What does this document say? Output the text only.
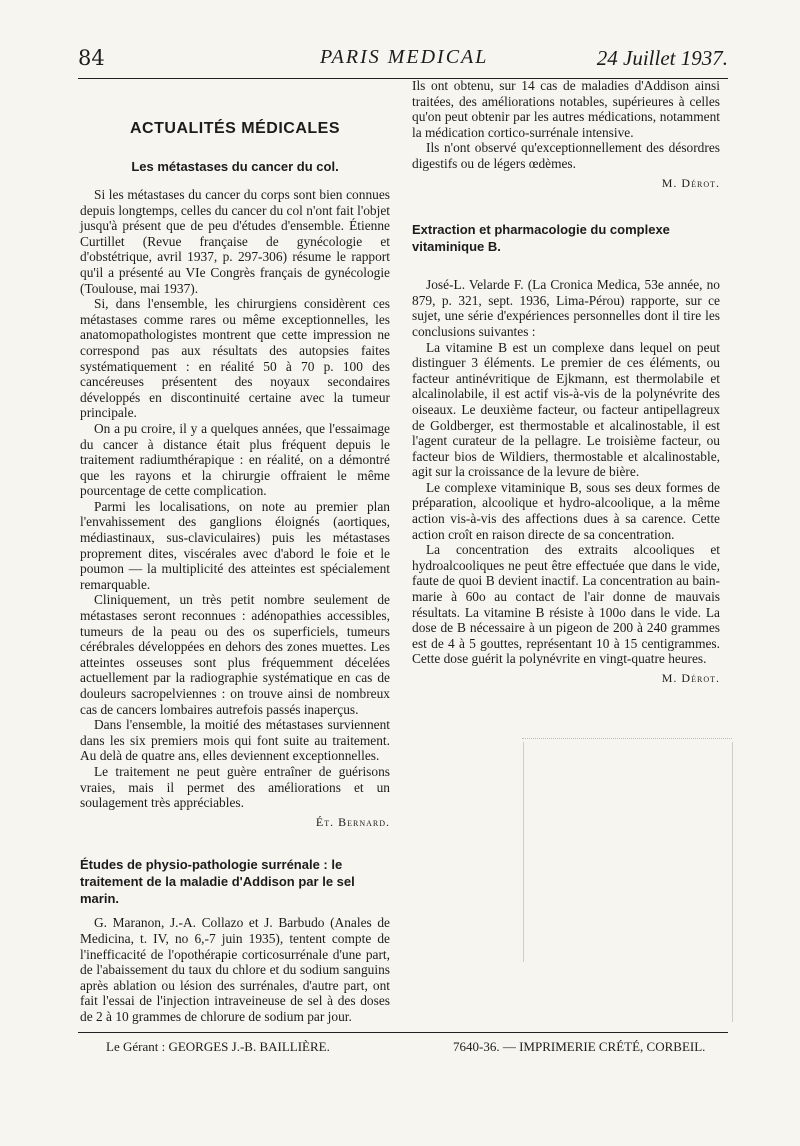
84	PARIS MEDICAL	24 Juillet 1937.
ACTUALITÉS MÉDICALES
Les métastases du cancer du col.

Si les métastases du cancer du corps sont bien connues depuis longtemps, celles du cancer du col n'ont fait l'objet jusqu'à présent que de peu d'études d'ensemble. Étienne Curtillet (Revue française de gynécologie et d'obstétrique, avril 1937, p. 297-306) résume le rapport qu'il a présenté au VIe Congrès français de gynécologie (Toulouse, mai 1937).

Si, dans l'ensemble, les chirurgiens considèrent ces métastases comme rares ou même exceptionnelles, les anatomopathologistes montrent que cette impression ne correspond pas aux résultats des autopsies faites systématiquement : en réalité 50 à 70 p. 100 des cancéreuses présentent des noyaux secondaires développés en discontinuité certaine avec la tumeur principale.

On a pu croire, il y a quelques années, que l'essaimage du cancer à distance était plus fréquent depuis le traitement radiumthérapique : en réalité, on a démontré que les rayons et la chirurgie offraient le même pourcentage de cette complication.

Parmi les localisations, on note au premier plan l'envahissement des ganglions éloignés (aortiques, médiastinaux, sus-claviculaires) puis les métastases proprement dites, viscérales avec d'abord le foie et le poumon — la multiplicité des atteintes est spécialement remarquable.

Cliniquement, un très petit nombre seulement de métastases seront reconnues : adénopathies accessibles, tumeurs de la peau ou des os superficiels, tumeurs cérébrales développées en dehors des zones muettes. Les atteintes osseuses sont plus fréquemment décelées actuellement par la radiographie systématique en cas de douleurs sacropelviennes : on trouve ainsi de nombreux cas de cancers lombaires autrefois passés inaperçus.

Dans l'ensemble, la moitié des métastases surviennent dans les six premiers mois qui font suite au traitement. Au delà de quatre ans, elles deviennent exceptionnelles.

Le traitement ne peut guère entraîner de guérisons vraies, mais il permet des améliorations et un soulagement très appréciables.

Ét. Bernard.

Études de physio-pathologie surrénale : le traitement de la maladie d'Addison par le sel marin.

G. Maranon, J.-A. Collazo et J. Barbudo (Anales de Medicina, t. IV, no 6,-7 juin 1935), tentent compte de l'inefficacité de l'opothérapie corticosurrénale d'une part, de l'abaissement du taux du chlore et du sodium sanguins après ablation ou lésion des surrénales, d'autre part, ont fait l'essai de l'injection intraveineuse de sel à des doses de 2 à 10 grammes de chlorure de sodium par jour.

Ils ont obtenu, sur 14 cas de maladies d'Addison ainsi traitées, des améliorations notables, supérieures à celles qu'on peut obtenir par les autres médications, notamment la médication cortico-surrénale intensive.

Ils n'ont observé qu'exceptionnellement des désordres digestifs ou de légers œdèmes.

M. Dérot.

Extraction et pharmacologie du complexe vitaminique B.

José-L. Velarde F. (La Cronica Medica, 53e année, no 879, p. 321, sept. 1936, Lima-Pérou) rapporte, sur ce sujet, une série d'expériences personnelles dont il tire les conclusions suivantes :

La vitamine B est un complexe dans lequel on peut distinguer 3 éléments. Le premier de ces éléments, ou facteur antinévritique de Ejkmann, est thermolabile et alcalinolabile, il est actif vis-à-vis de la polynévrite des oiseaux. Le deuxième facteur, ou facteur antipellagreux de Goldberger, est thermostable et alcalinostable, il est l'agent curateur de la pellagre. Le troisième facteur, ou facteur bios de Wildiers, thermostable et alcalinostable, agit sur la croissance de la levure de bière.

Le complexe vitaminique B, sous ses deux formes de préparation, alcoolique et hydro-alcoolique, a la même action vis-à-vis des affections dues à sa carence. Cette action croît en raison directe de sa concentration.

La concentration des extraits alcooliques et hydroalcooliques ne peut être effectuée que dans le vide, faute de quoi B devient inactif. La concentration au bain-marie à 60o au contact de l'air donne de mauvais résultats. La vitamine B résiste à 100o dans le vide. La dose de B nécessaire à un pigeon de 200 à 240 grammes est de 4 à 5 gouttes, représentant 10 à 15 centigrammes. Cette dose guérit la polynévrite en vingt-quatre heures.

M. Dérot.

Le Gérant : GEORGES J.-B. BAILLIÈRE.	7640-36. — IMPRIMERIE CRÉTÉ, CORBEIL.
